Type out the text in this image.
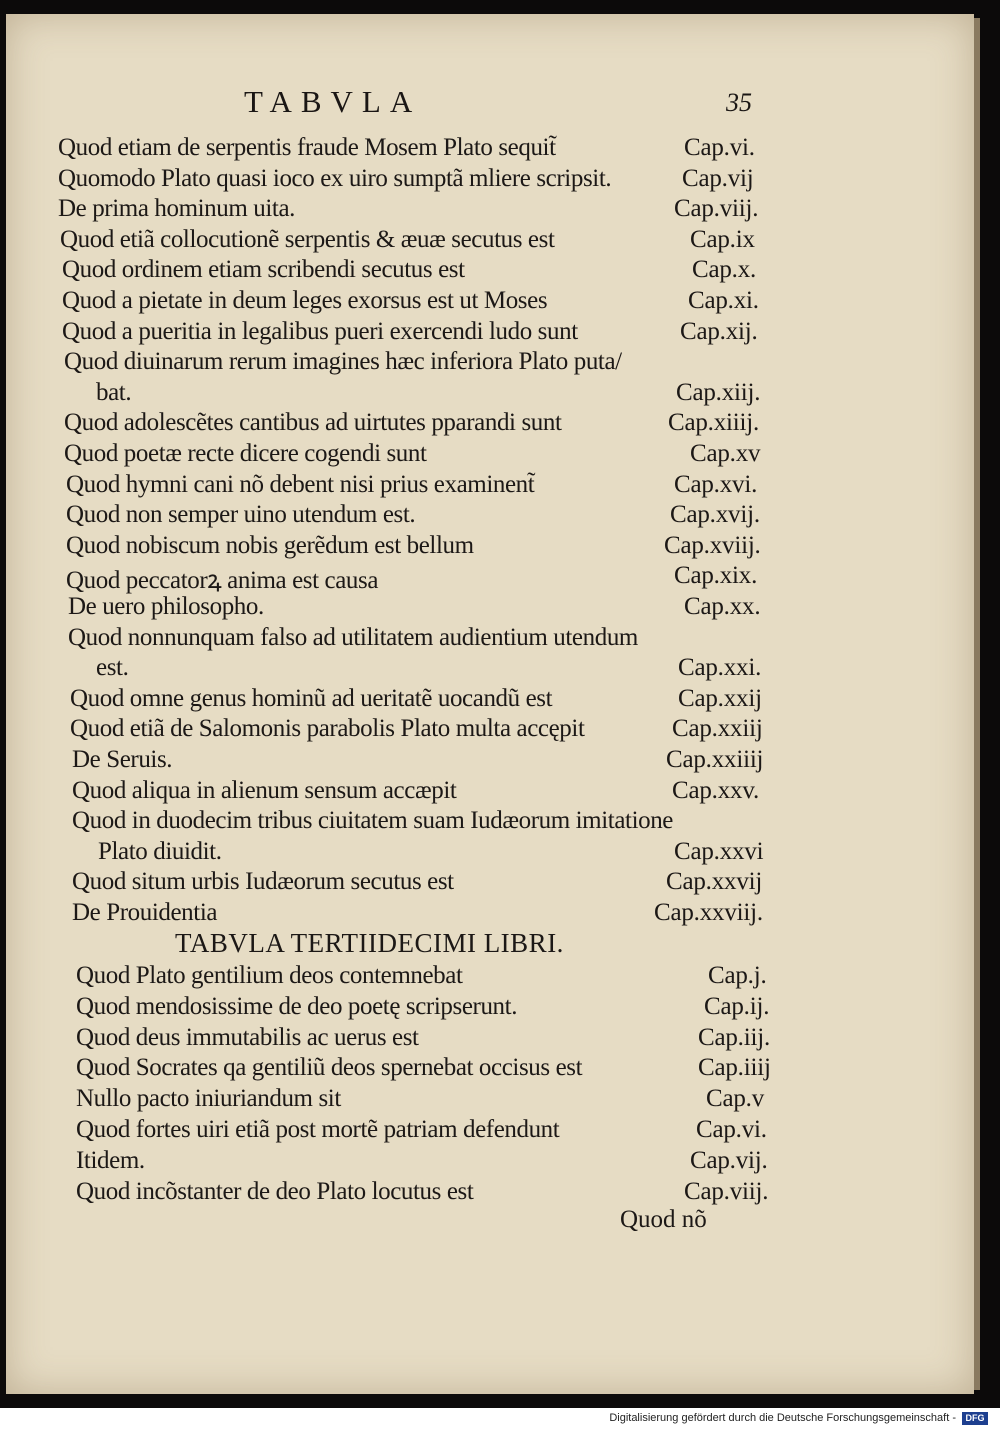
TABVLA	35
Quod etiam de serpentis fraude Mosem Plato sequit̃	Cap.vi.
Quomodo Plato quasi ioco ex uiro sumptã mliere scripsit.	Cap.vij
De prima hominum uita.	Cap.viij.
Quod etiã collocutionẽ serpentis & æuæ secutus est	Cap.ix
Quod ordinem etiam scribendi secutus est	Cap.x.
Quod a pietate in deum leges exorsus est ut Moses	Cap.xi.
Quod a pueritia in legalibus pueri exercendi ludo sunt	Cap.xij.
Quod diuinarum rerum imagines hæc inferiora Plato puta/
bat.	Cap.xiij.
Quod adolescẽtes cantibus ad uirtutes pparandi sunt	Cap.xiiij.
Quod poetæ recte dicere cogendi sunt	Cap.xv
Quod hymni cani nõ debent nisi prius examinent̃	Cap.xvi.
Quod non semper uino utendum est.	Cap.xvij.
Quod nobiscum nobis gerẽdum est bellum	Cap.xviij.
Quod peccatorꝝ anima est causa	Cap.xix.
De uero philosopho.	Cap.xx.
Quod nonnunquam falso ad utilitatem audientium utendum
est.	Cap.xxi.
Quod omne genus hominũ ad ueritatẽ uocandũ est	Cap.xxij
Quod etiã de Salomonis parabolis Plato multa accępit	Cap.xxiij
De Seruis.	Cap.xxiiij
Quod aliqua in alienum sensum accæpit	Cap.xxv.
Quod in duodecim tribus ciuitatem suam Iudæorum imitatione
Plato diuidit.	Cap.xxvi
Quod situm urbis Iudæorum secutus est	Cap.xxvij
De Prouidentia	Cap.xxviij.
TABVLA TERTIIDECIMI LIBRI.
Quod Plato gentilium deos contemnebat	Cap.j.
Quod mendosissime de deo poetę scripserunt.	Cap.ij.
Quod deus immutabilis ac uerus est	Cap.iij.
Quod Socrates qa gentiliũ deos spernebat occisus est	Cap.iiij
Nullo pacto iniuriandum sit	Cap.v
Quod fortes uiri etiã post mortẽ patriam defendunt	Cap.vi.
Itidem.	Cap.vij.
Quod incõstanter de deo Plato locutus est	Cap.viij.
Quod nõ
Digitalisierung gefördert durch die Deutsche Forschungsgemeinschaft -	DFG
